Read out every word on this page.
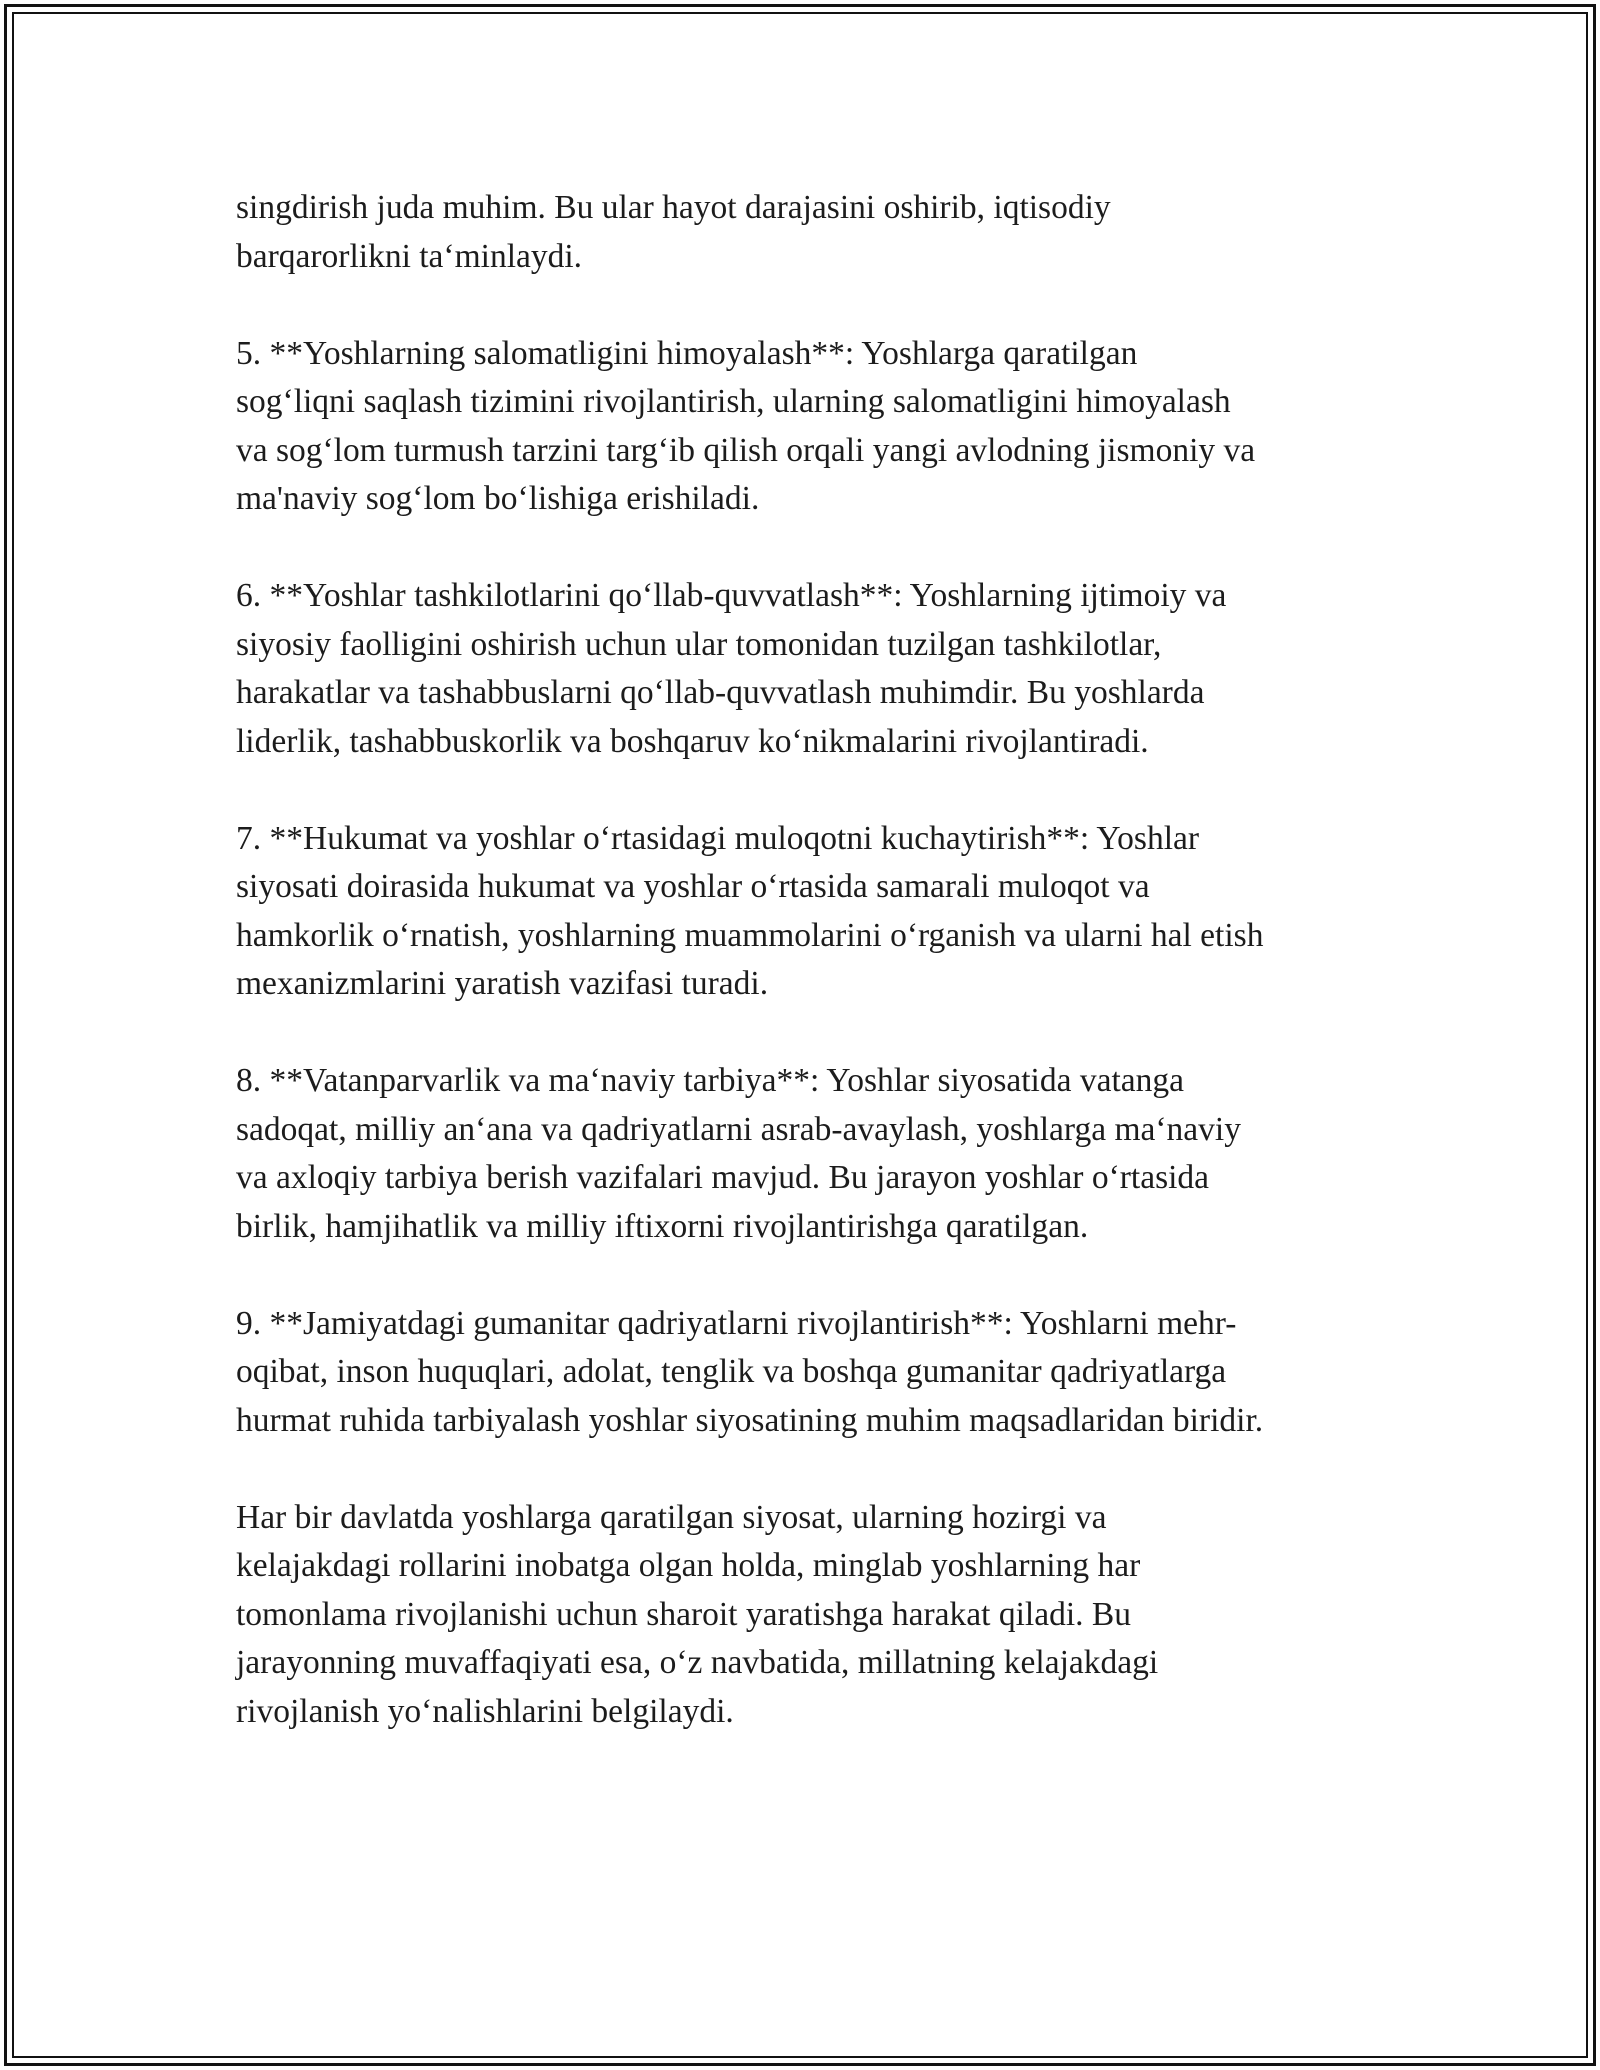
singdirish juda muhim. Bu ular hayot darajasini oshirib, iqtisodiy
barqarorlikni ta‘minlaydi.

5. **Yoshlarning salomatligini himoyalash**: Yoshlarga qaratilgan
sog‘liqni saqlash tizimini rivojlantirish, ularning salomatligini himoyalash
va sog‘lom turmush tarzini targ‘ib qilish orqali yangi avlodning jismoniy va
ma'naviy sog‘lom bo‘lishiga erishiladi.

6. **Yoshlar tashkilotlarini qo‘llab-quvvatlash**: Yoshlarning ijtimoiy va
siyosiy faolligini oshirish uchun ular tomonidan tuzilgan tashkilotlar,
harakatlar va tashabbuslarni qo‘llab-quvvatlash muhimdir. Bu yoshlarda
liderlik, tashabbuskorlik va boshqaruv ko‘nikmalarini rivojlantiradi.

7. **Hukumat va yoshlar o‘rtasidagi muloqotni kuchaytirish**: Yoshlar
siyosati doirasida hukumat va yoshlar o‘rtasida samarali muloqot va
hamkorlik o‘rnatish, yoshlarning muammolarini o‘rganish va ularni hal etish
mexanizmlarini yaratish vazifasi turadi.

8. **Vatanparvarlik va ma‘naviy tarbiya**: Yoshlar siyosatida vatanga
sadoqat, milliy an‘ana va qadriyatlarni asrab-avaylash, yoshlarga ma‘naviy
va axloqiy tarbiya berish vazifalari mavjud. Bu jarayon yoshlar o‘rtasida
birlik, hamjihatlik va milliy iftixorni rivojlantirishga qaratilgan.

9. **Jamiyatdagi gumanitar qadriyatlarni rivojlantirish**: Yoshlarni mehr-
oqibat, inson huquqlari, adolat, tenglik va boshqa gumanitar qadriyatlarga
hurmat ruhida tarbiyalash yoshlar siyosatining muhim maqsadlaridan biridir.

Har bir davlatda yoshlarga qaratilgan siyosat, ularning hozirgi va
kelajakdagi rollarini inobatga olgan holda, minglab yoshlarning har
tomonlama rivojlanishi uchun sharoit yaratishga harakat qiladi. Bu
jarayonning muvaffaqiyati esa, o‘z navbatida, millatning kelajakdagi
rivojlanish yo‘nalishlarini belgilaydi.
